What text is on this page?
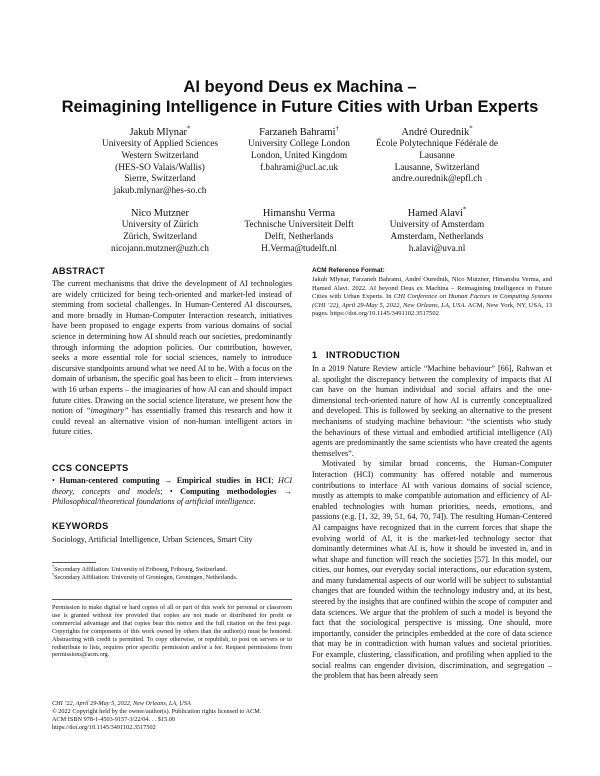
AI beyond Deus ex Machina –
Reimagining Intelligence in Future Cities with Urban Experts
Jakub Mlynar*
University of Applied Sciences
Western Switzerland
(HES-SO Valais/Wallis)
Sierre, Switzerland
jakub.mlynar@hes-so.ch
Farzaneh Bahrami†
University College London
London, United Kingdom
f.bahrami@ucl.ac.uk
André Ourednik*
École Polytechnique Fédérale de
Lausanne
Lausanne, Switzerland
andre.ourednik@epfl.ch
Nico Mutzner
University of Zürich
Zürich, Switzerland
nicojann.mutzner@uzh.ch
Himanshu Verma
Technische Universiteit Delft
Delft, Netherlands
H.Verma@tudelft.nl
Hamed Alavi*
University of Amsterdam
Amsterdam, Netherlands
h.alavi@uva.nl
ABSTRACT
The current mechanisms that drive the development of AI technologies are widely criticized for being tech-oriented and market-led instead of stemming from societal challenges. In Human-Centered AI discourses, and more broadly in Human-Computer Interaction research, initiatives have been proposed to engage experts from various domains of social science in determining how AI should reach our societies, predominantly through informing the adoption policies. Our contribution, however, seeks a more essential role for social sciences, namely to introduce discursive standpoints around what we need AI to be. With a focus on the domain of urbanism, the specific goal has been to elicit – from interviews with 16 urban experts – the imaginaries of how AI can and should impact future cities. Drawing on the social science literature, we present how the notion of “imaginary” has essentially framed this research and how it could reveal an alternative vision of non-human intelligent actors in future cities.
CCS CONCEPTS
• Human-centered computing → Empirical studies in HCI; HCI theory, concepts and models; • Computing methodologies → Philosophical/theoretical foundations of artificial intelligence.
KEYWORDS
Sociology, Artificial Intelligence, Urban Sciences, Smart City
*Secondary Affiliation: University of Fribourg, Fribourg, Switzerland.
†Secondary Affiliation: University of Groningen, Groningen, Netherlands.
Permission to make digital or hard copies of all or part of this work for personal or classroom use is granted without fee provided that copies are not made or distributed for profit or commercial advantage and that copies bear this notice and the full citation on the first page. Copyrights for components of this work owned by others than the author(s) must be honored. Abstracting with credit is permitted. To copy otherwise, or republish, to post on servers or to redistribute to lists, requires prior specific permission and/or a fee. Request permissions from permissions@acm.org.
CHI ’22, April 29-May 5, 2022, New Orleans, LA, USA
© 2022 Copyright held by the owner/author(s). Publication rights licensed to ACM.
ACM ISBN 978-1-4503-9157-3/22/04. . . $15.00
https://doi.org/10.1145/3491102.3517502
ACM Reference Format:
Jakub Mlynar, Farzaneh Bahrami, André Ourednik, Nico Mutzner, Himanshu Verma, and Hamed Alavi. 2022. AI beyond Deus ex Machina – Reimagining Intelligence in Future Cities with Urban Experts. In CHI Conference on Human Factors in Computing Systems (CHI ’22), April 29-May 5, 2022, New Orleans, LA, USA. ACM, New York, NY, USA, 13 pages. https://doi.org/10.1145/3491102.3517502
1 INTRODUCTION

In a 2019 Nature Review article “Machine behaviour” [66], Rahwan et al. spotlight the discrepancy between the complexity of impacts that AI can have on the human individual and social affairs and the one-dimensional tech-oriented nature of how AI is currently conceptualized and developed. This is followed by seeking an alternative to the present mechanisms of studying machine behaviour: “the scientists who study the behaviours of these virtual and embodied artificial intelligence (AI) agents are predominantly the same scientists who have created the agents themselves”.

Motivated by similar broad concerns, the Human-Computer Interaction (HCI) community has offered notable and numerous contributions to interface AI with various domains of social science, mostly as attempts to make compatible automation and efficiency of AI-enabled technologies with human priorities, needs, emotions, and passions (e.g. [1, 32, 39, 51, 64, 70, 74]). The resulting Human-Centered AI campaigns have recognized that in the current forces that shape the evolving world of AI, it is the market-led technology sector that dominantly determines what AI is, how it should be invested in, and in what shape and function will reach the societies [57]. In this model, our cities, our homes, our everyday social interactions, our education system, and many fundamental aspects of our world will be subject to substantial changes that are founded within the technology industry and, at its best, steered by the insights that are confined within the scope of computer and data sciences. We argue that the problem of such a model is beyond the fact that the sociological perspective is missing. One should, more importantly, consider the principles embedded at the core of data science that may be in contradiction with human values and societal priorities. For example, clustering, classification, and profiling when applied to the social realms can engender division, discrimination, and segregation – the problem that has been already seen
